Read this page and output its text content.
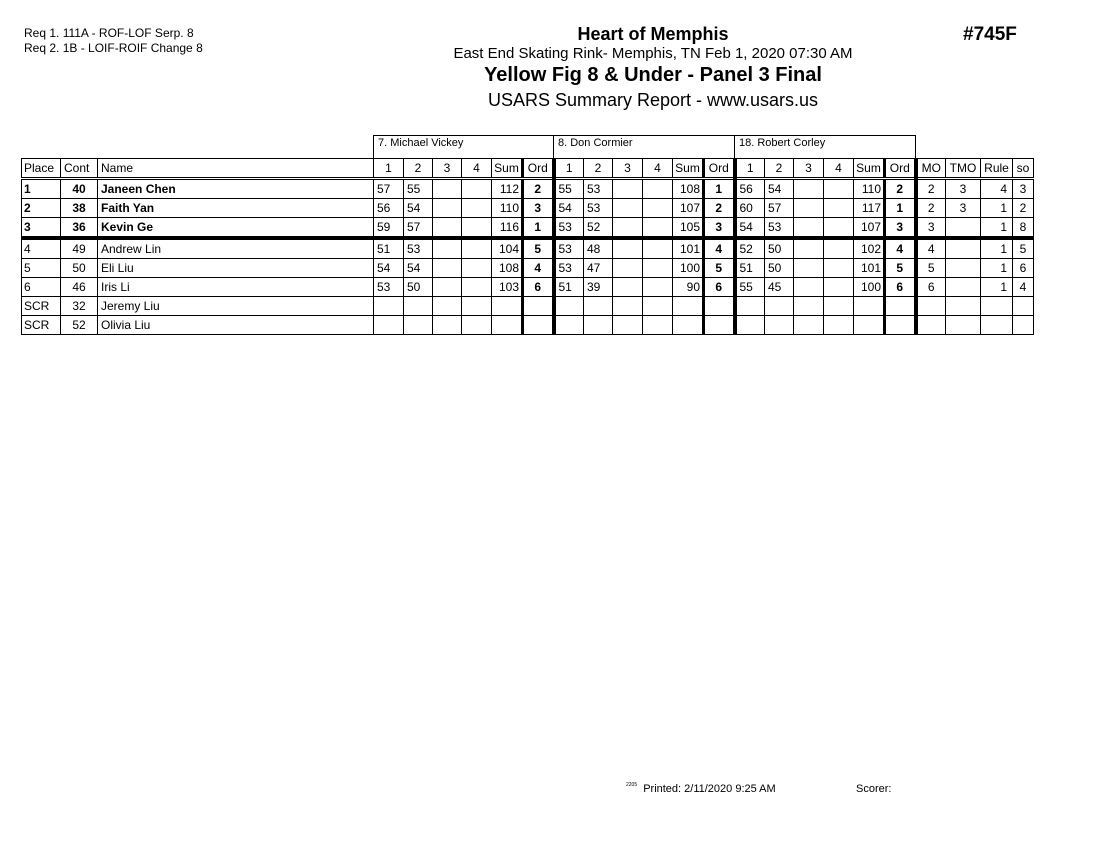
Req 1. 111A - ROF-LOF Serp. 8
Req 2. 1B - LOIF-ROIF Change 8
Heart of Memphis
East End Skating Rink- Memphis, TN Feb 1, 2020 07:30 AM
Yellow Fig 8 & Under - Panel 3 Final
USARS Summary Report - www.usars.us
#745F
7. Michael Vickey	8. Don Cormier	18. Robert Corley
Place	Cont	Name	1	2	3	4	Sum	Ord	1	2	3	4	Sum	Ord	1	2	3	4	Sum	Ord	MO	TMO	Rule	so
1	40	Janeen Chen	57	55			112	2	55	53			108	1	56	54			110	2	2	3	4	3
2	38	Faith Yan	56	54			110	3	54	53			107	2	60	57			117	1	2	3	1	2
3	36	Kevin Ge	59	57			116	1	53	52			105	3	54	53			107	3	3		1	8
4	49	Andrew Lin	51	53			104	5	53	48			101	4	52	50			102	4	4		1	5
5	50	Eli Liu	54	54			108	4	53	47			100	5	51	50			101	5	5		1	6
6	46	Iris Li	53	50			103	6	51	39			90	6	55	45			100	6	6		1	4
SCR	32	Jeremy Liu																						
SCR	52	Olivia Liu																						
$^{2205}$ Printed: 2/11/2020 9:25 AM	Scorer:
